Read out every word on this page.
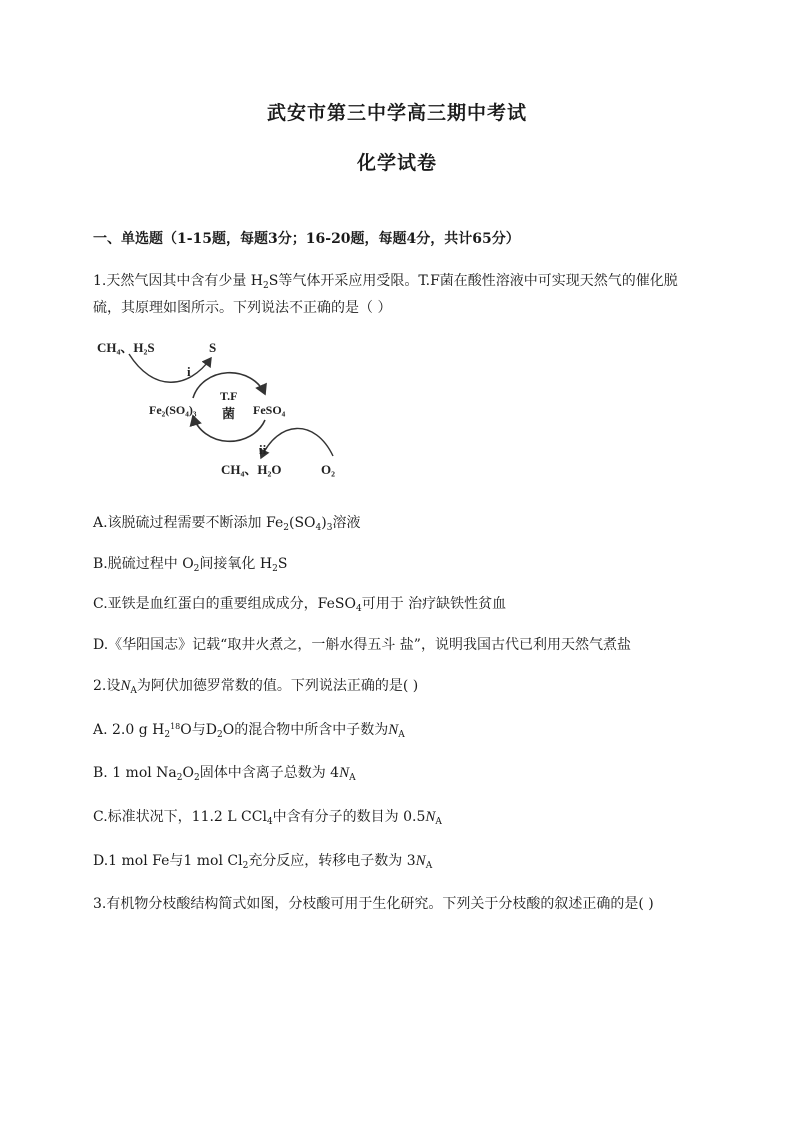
武安市第三中学高三期中考试
化学试卷
一、单选题（1-15题，每题3分；16-20题，每题4分，共计65分）
1.天然气因其中含有少量 $H_2S$等气体开采应用受限。T.F菌在酸性溶液中可实现天然气的催化脱
硫，其原理如图所示。下列说法不正确的是（ ）
CH₄、H₂S	S
i
Fe₂(SO₄)₃
T.F
菌 FeSO₄
ii
CH₄、H₂O	O₂
A.该脱硫过程需要不断添加 $Fe_2(SO_4)_3$溶液
B.脱硫过程中 $O_2$间接氧化 $H_2S$
C.亚铁是血红蛋白的重要组成成分，FeSO$_4$可用于 治疗缺铁性贫血
D.《华阳国志》记载“取井火煮之，一斛水得五斗 盐”，说明我国古代已利用天然气煮盐
2.设$N_A$为阿伏加德罗常数的值。下列说法正确的是( )
A. 2.0 g $H_2^{18}O$与$D_2O$的混合物中所含中子数为$N_A$
B. 1 mol $Na_2O_2$固体中含离子总数为 $4N_A$
C.标准状况下，11.2 L CCl$_4$中含有分子的数目为 $0.5N_A$
D.1 mol Fe与1 mol $Cl_2$充分反应，转移电子数为 $3N_A$
3.有机物分枝酸结构简式如图，分枝酸可用于生化研究。下列关于分枝酸的叙述正确的是( )
